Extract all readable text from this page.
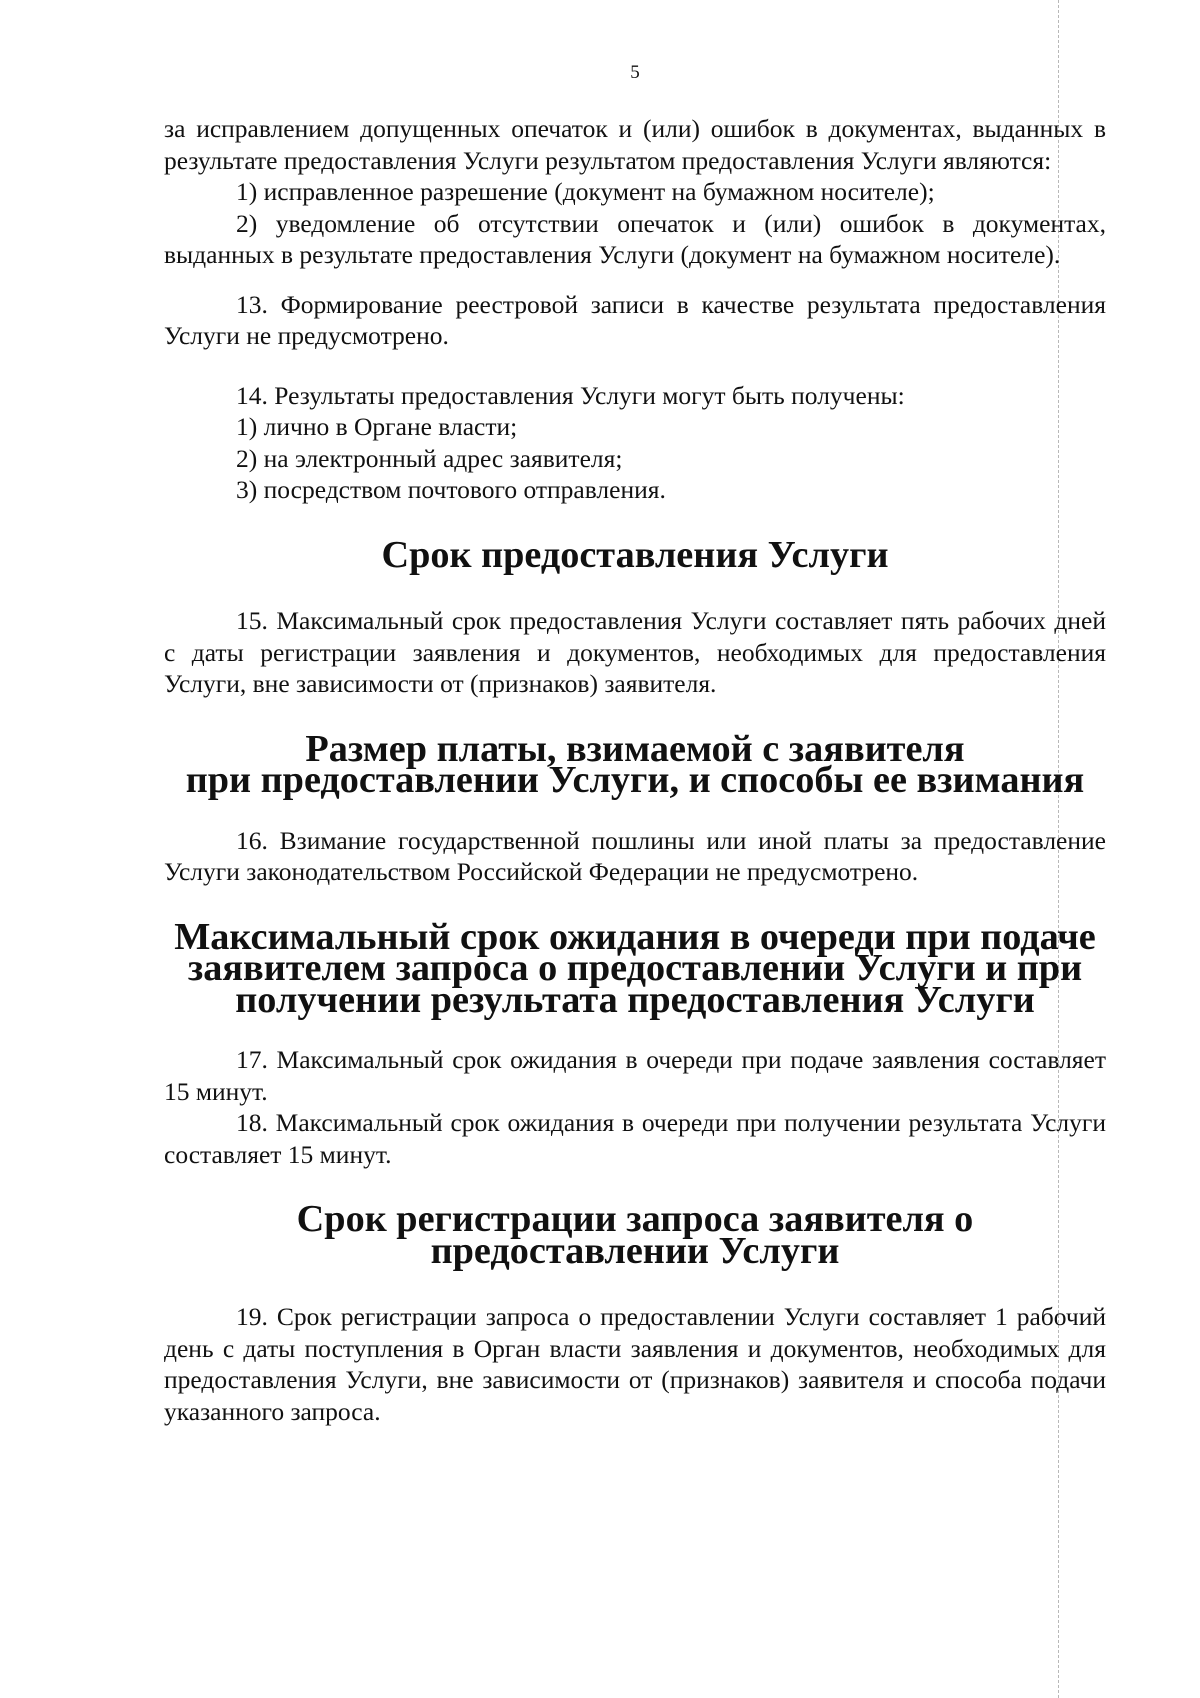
5

за исправлением допущенных опечаток и (или) ошибок в документах, выданных в результате предоставления Услуги результатом предоставления Услуги являются:

1) исправленное разрешение (документ на бумажном носителе);

2) уведомление об отсутствии опечаток и (или) ошибок в документах, выданных в результате предоставления Услуги (документ на бумажном носителе).

13. Формирование реестровой записи в качестве результата предоставления Услуги не предусмотрено.

14. Результаты предоставления Услуги могут быть получены:

1) лично в Органе власти;

2) на электронный адрес заявителя;

3) посредством почтового отправления.

Срок предоставления Услуги

15. Максимальный срок предоставления Услуги составляет пять рабочих дней с даты регистрации заявления и документов, необходимых для предоставления Услуги, вне зависимости от (признаков) заявителя.

Размер платы, взимаемой с заявителя
при предоставлении Услуги, и способы ее взимания

16. Взимание государственной пошлины или иной платы за предоставление Услуги законодательством Российской Федерации не предусмотрено.

Максимальный срок ожидания в очереди при подаче заявителем запроса о предоставлении Услуги и при получении результата предоставления Услуги

17. Максимальный срок ожидания в очереди при подаче заявления составляет 15 минут.

18. Максимальный срок ожидания в очереди при получении результата Услуги составляет 15 минут.

Срок регистрации запроса заявителя о предоставлении Услуги

19. Срок регистрации запроса о предоставлении Услуги составляет 1 рабочий день с даты поступления в Орган власти заявления и документов, необходимых для предоставления Услуги, вне зависимости от (признаков) заявителя и способа подачи указанного запроса.
